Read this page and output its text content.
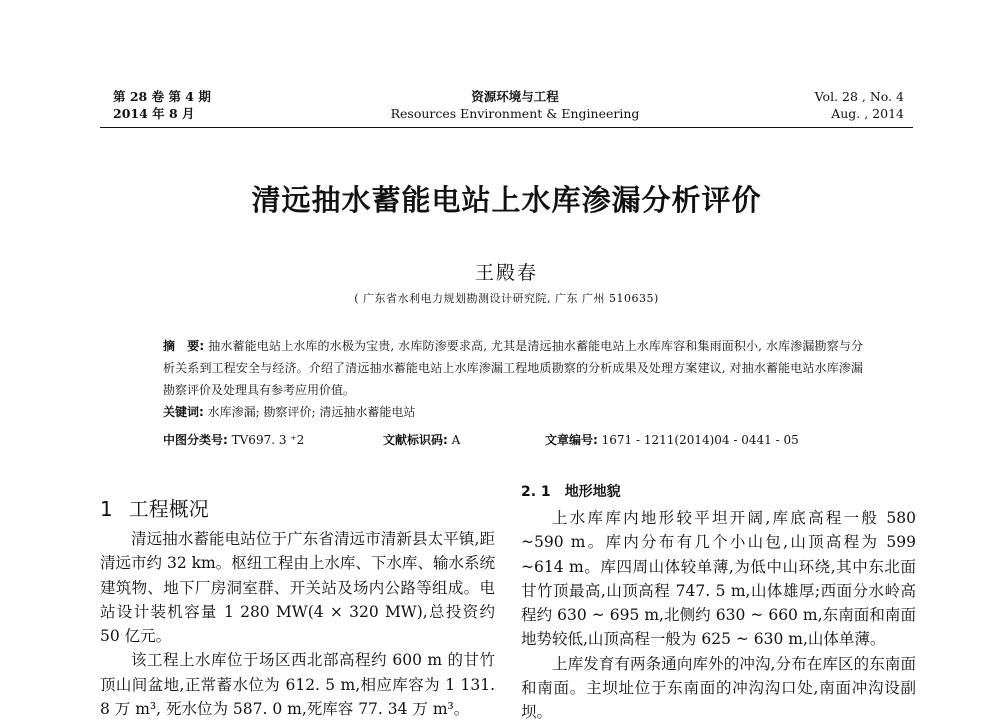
第 28 卷 第 4 期
2014 年 8 月
资源环境与工程
Resources Environment & Engineering
Vol. 28 , No. 4
Aug. , 2014
清远抽水蓄能电站上水库渗漏分析评价
王殿春
( 广东省水利电力规划勘测设计研究院, 广东 广州 510635)

摘　要: 抽水蓄能电站上水库的水极为宝贵, 水库防渗要求高, 尤其是清远抽水蓄能电站上水库库容和集雨面积小, 水库渗漏勘察与分析关系到工程安全与经济。介绍了清远抽水蓄能电站上水库渗漏工程地质勘察的分析成果及处理方案建议, 对抽水蓄能电站水库渗漏勘察评价及处理具有参考应用价值。

关键词: 水库渗漏; 勘察评价; 清远抽水蓄能电站

中图分类号: TV697. 3 ⁺2	文献标识码: A	文章编号: 1671 - 1211(2014)04 - 0441 - 05
1 工程概况

清远抽水蓄能电站位于广东省清远市清新县太平镇,距清远市约 32 km。枢纽工程由上水库、下水库、输水系统建筑物、地下厂房洞室群、开关站及场内公路等组成。电站设计装机容量 1 280 MW(4 × 320 MW),总投资约 50 亿元。

该工程上水库位于场区西北部高程约 600 m 的甘竹顶山间盆地,正常蓄水位为 612. 5 m,相应库容为 1 131. 8 万 m³, 死水位为 587. 0 m,死库容 77. 34 万 m³。

2. 1 地形地貌

上水库库内地形较平坦开阔,库底高程一般 580 ~590 m。库内分布有几个小山包,山顶高程为 599 ~614 m。库四周山体较单薄,为低中山环绕,其中东北面甘竹顶最高,山顶高程 747. 5 m,山体雄厚;西面分水岭高程约 630 ~ 695 m,北侧约 630 ~ 660 m,东南面和南面地势较低,山顶高程一般为 625 ~ 630 m,山体单薄。

上库发育有两条通向库外的冲沟,分布在库区的东南面和南面。主坝址位于东南面的冲沟沟口处,南面冲沟设副坝。
